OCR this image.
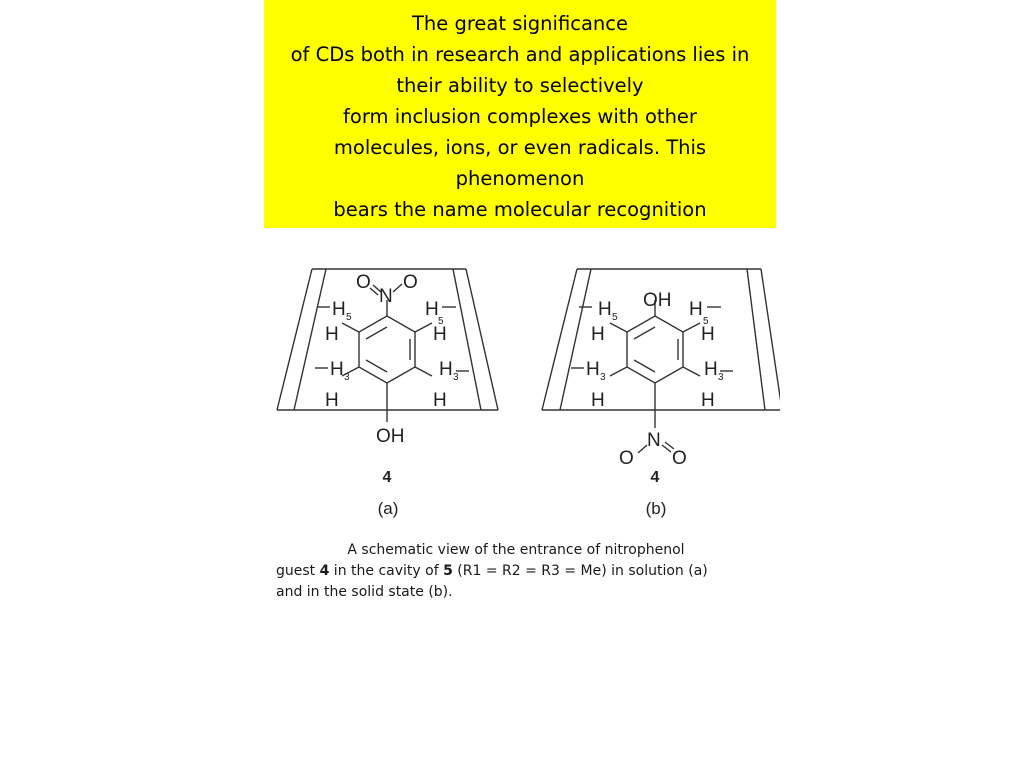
The great significance
of CDs both in research and applications lies in
their ability to selectively
form inclusion complexes with other
molecules, ions, or even radicals. This
phenomenon
bears the name molecular recognition
O
N
O
H	H
H	H
H	H
H	H
OH
5	5
3	3
OH
H	H
H	H
H	H
H	H
N
O O
5	5
3	3
4	4
(a)	(b)
A schematic view of the entrance of nitrophenol
guest 4 in the cavity of 5 (R1 = R2 = R3 = Me) in solution (a)
and in the solid state (b).
